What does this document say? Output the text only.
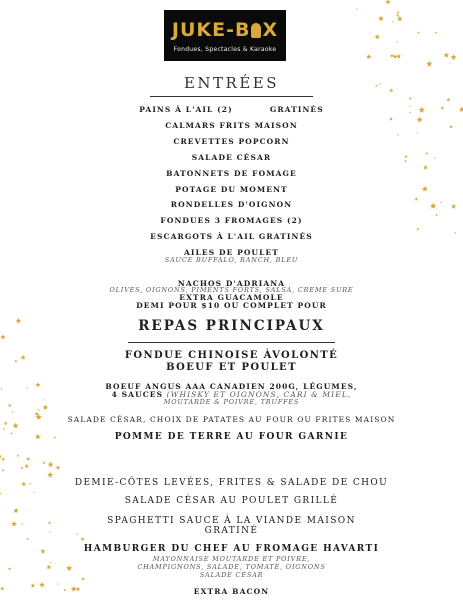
JUKE-B X
Fondues, Spectacles & Karaoke
ENTRÉES
PAINS À L'AIL (2)          GRATINÉS
CALMARS FRITS MAISON
CREVETTES POPCORN
SALADE CÉSAR
BATONNETS DE FOMAGE
POTAGE DU MOMENT
RONDELLES D'OIGNON
FONDUES 3 FROMAGES (2)
ESCARGOTS À L'AIL GRATINÉS
AILES DE POULET
SAUCE BUFFALO, RANCH, BLEU
NACHOS D'ADRIANA
OLIVES, OIGNONS, PIMENTS FORTS, SALSA, CREME SURE
EXTRA GUACAMOLE
DEMI POUR $10 OU COMPLET POUR
REPAS PRINCIPAUX
FONDUE CHINOISE ÀVOLONTÉ
BOEUF ET POULET
BOEUF ANGUS AAA CANADIEN 200G, LÉGUMES,
4 SAUCES (WHISKY ET OIGNONS, CARI & MIEL,
MOUTARDE & POIVRE, TRUFFES
SALADE CÉSAR, CHOIX DE PATATES AU FOUR OU FRITES MAISON
POMME DE TERRE AU FOUR GARNIE
DEMIE-CÔTES LEVÉES, FRITES & SALADE DE CHOU
SALADE CÉSAR AU POULET GRILLÉ
SPAGHETTI SAUCE À LA VIANDE MAISON
GRATINÉ
HAMBURGER DU CHEF AU FROMAGE HAVARTI
MAYONNAISE MOUTARDE ET POIVRE,
CHAMPIGNONS, SALADE, TOMATE, OIGNONS
SALADE CÉSAR
EXTRA BACON
